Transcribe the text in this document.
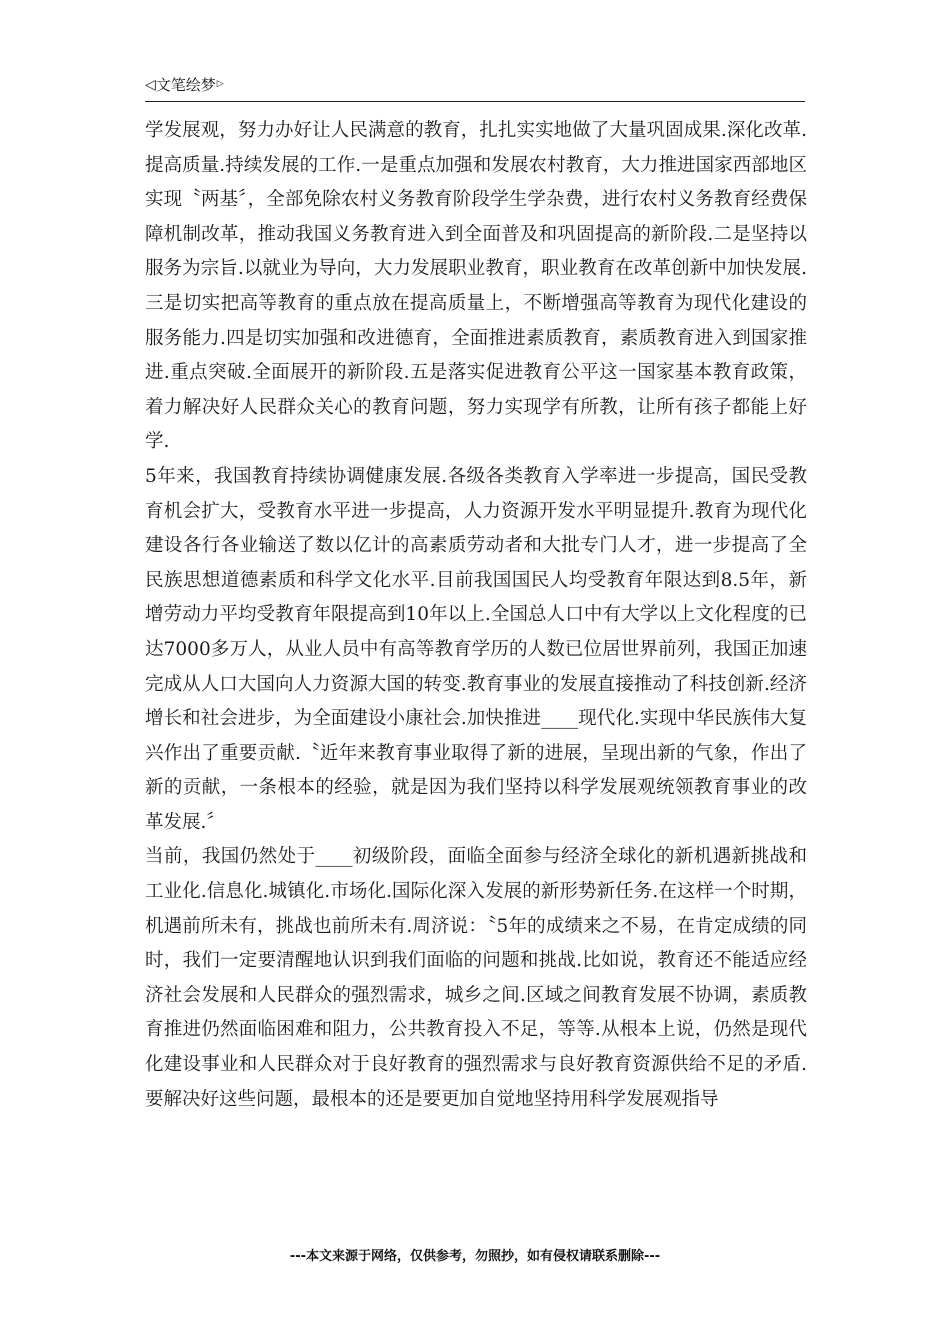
◁ 文笔绘梦 ▷

学发展观，努力办好让人民满意的教育，扎扎实实地做了大量巩固成果.深化改革.提高质量.持续发展的工作.一是重点加强和发展农村教育，大力推进国家西部地区实现〝两基〞，全部免除农村义务教育阶段学生学杂费，进行农村义务教育经费保障机制改革，推动我国义务教育进入到全面普及和巩固提高的新阶段.二是坚持以服务为宗旨.以就业为导向，大力发展职业教育，职业教育在改革创新中加快发展.三是切实把高等教育的重点放在提高质量上，不断增强高等教育为现代化建设的服务能力.四是切实加强和改进德育，全面推进素质教育，素质教育进入到国家推进.重点突破.全面展开的新阶段.五是落实促进教育公平这一国家基本教育政策，着力解决好人民群众关心的教育问题，努力实现学有所教，让所有孩子都能上好学.

5年来，我国教育持续协调健康发展.各级各类教育入学率进一步提高，国民受教育机会扩大，受教育水平进一步提高，人力资源开发水平明显提升.教育为现代化建设各行各业输送了数以亿计的高素质劳动者和大批专门人才，进一步提高了全民族思想道德素质和科学文化水平.目前我国国民人均受教育年限达到8.5年，新增劳动力平均受教育年限提高到10年以上.全国总人口中有大学以上文化程度的已达7000多万人，从业人员中有高等教育学历的人数已位居世界前列，我国正加速完成从人口大国向人力资源大国的转变.教育事业的发展直接推动了科技创新.经济增长和社会进步，为全面建设小康社会.加快推进____现代化.实现中华民族伟大复兴作出了重要贡献.〝近年来教育事业取得了新的进展，呈现出新的气象，作出了新的贡献，一条根本的经验，就是因为我们坚持以科学发展观统领教育事业的改革发展.〞

当前，我国仍然处于____初级阶段，面临全面参与经济全球化的新机遇新挑战和工业化.信息化.城镇化.市场化.国际化深入发展的新形势新任务.在这样一个时期，机遇前所未有，挑战也前所未有.周济说：〝5年的成绩来之不易，在肯定成绩的同时，我们一定要清醒地认识到我们面临的问题和挑战.比如说，教育还不能适应经济社会发展和人民群众的强烈需求，城乡之间.区域之间教育发展不协调，素质教育推进仍然面临困难和阻力，公共教育投入不足，等等.从根本上说，仍然是现代化建设事业和人民群众对于良好教育的强烈需求与良好教育资源供给不足的矛盾.要解决好这些问题，最根本的还是要更加自觉地坚持用科学发展观指导

---本文来源于网络，仅供参考，勿照抄，如有侵权请联系删除---
